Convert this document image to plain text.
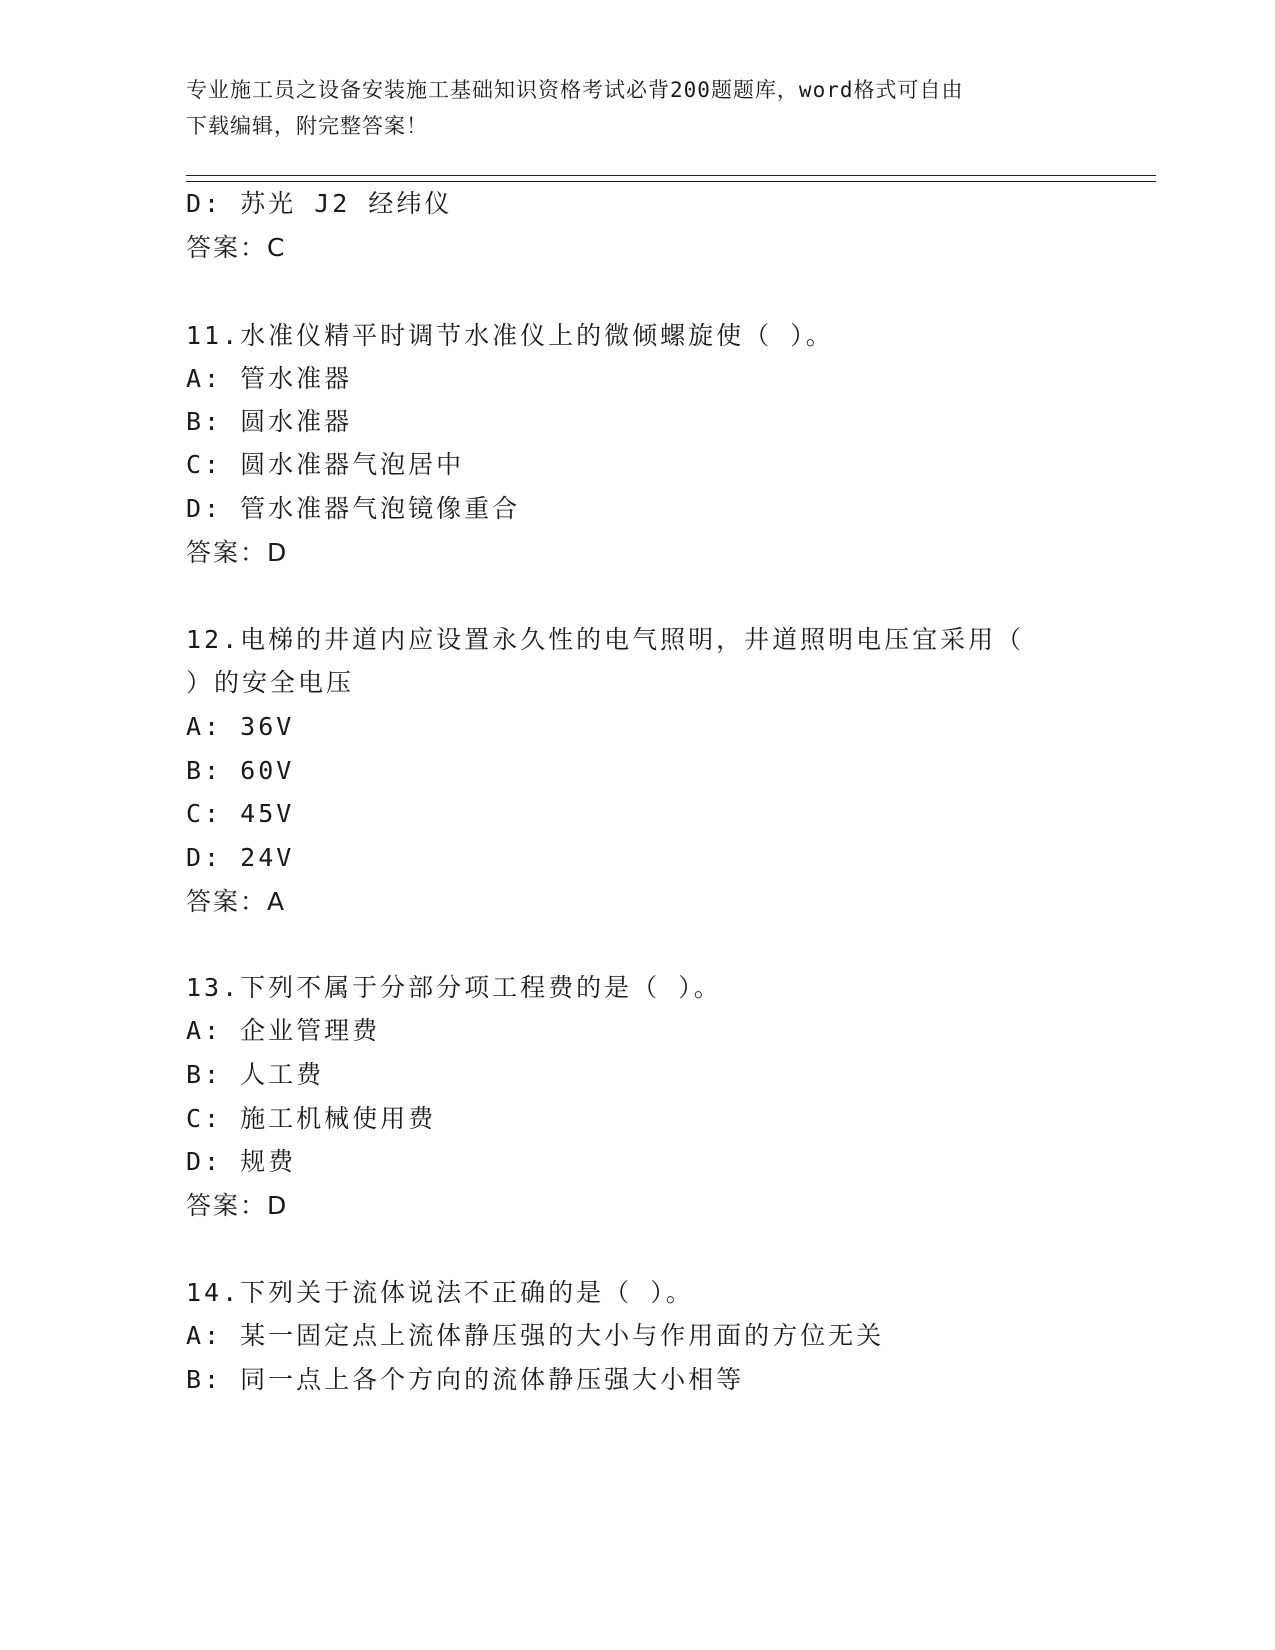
专业施工员之设备安装施工基础知识资格考试必背200题题库，word格式可自由
下载编辑，附完整答案！
D: 苏光 J2 经纬仪
答案：C
11.水准仪精平时调节水准仪上的微倾螺旋使（ ）。
A: 管水准器
B: 圆水准器
C: 圆水准器气泡居中
D: 管水准器气泡镜像重合
答案：D
12.电梯的井道内应设置永久性的电气照明，井道照明电压宜采用（
）的安全电压
A: 36V
B: 60V
C: 45V
D: 24V
答案：A
13.下列不属于分部分项工程费的是（ ）。
A: 企业管理费
B: 人工费
C: 施工机械使用费
D: 规费
答案：D
14.下列关于流体说法不正确的是（ ）。
A: 某一固定点上流体静压强的大小与作用面的方位无关
B: 同一点上各个方向的流体静压强大小相等
